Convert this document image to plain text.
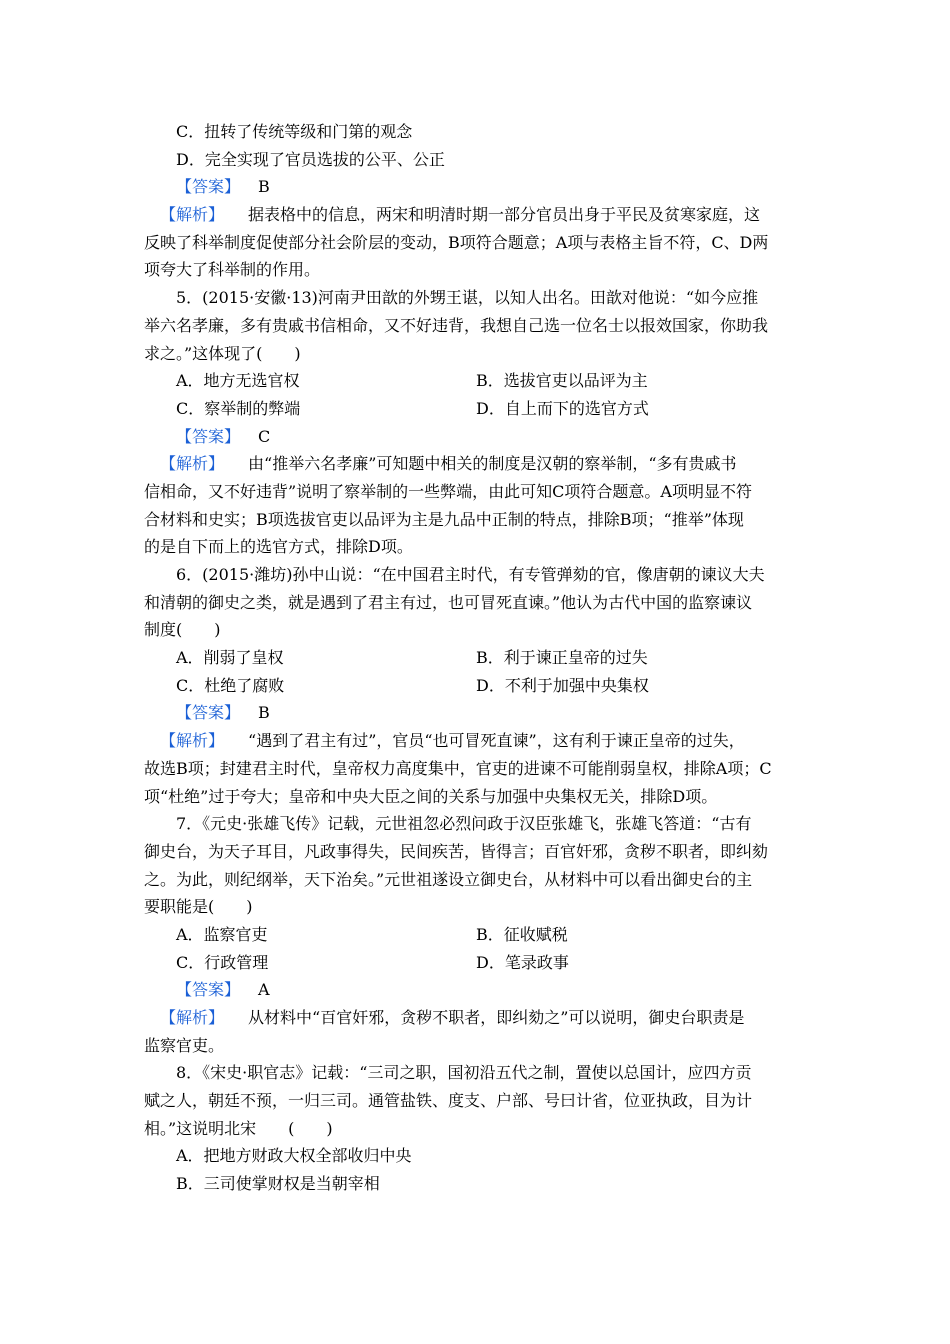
C．扭转了传统等级和门第的观念
D．完全实现了官员选拔的公平、公正
【答案】 B
【解析】 据表格中的信息，两宋和明清时期一部分官员出身于平民及贫寒家庭，这
反映了科举制度促使部分社会阶层的变动，B项符合题意；A项与表格主旨不符，C、D两
项夸大了科举制的作用。
5．(2015·安徽·13)河南尹田歆的外甥王谌，以知人出名。田歆对他说：“如今应推
举六名孝廉，多有贵戚书信相命，又不好违背，我想自己选一位名士以报效国家，你助我
求之。”这体现了(　　)
A．地方无选官权	B．选拔官吏以品评为主
C．察举制的弊端	D．自上而下的选官方式
【答案】 C
【解析】 由“推举六名孝廉”可知题中相关的制度是汉朝的察举制，“多有贵戚书
信相命，又不好违背”说明了察举制的一些弊端，由此可知C项符合题意。A项明显不符
合材料和史实；B项选拔官吏以品评为主是九品中正制的特点，排除B项；“推举”体现
的是自下而上的选官方式，排除D项。
6．(2015·潍坊)孙中山说：“在中国君主时代，有专管弹劾的官，像唐朝的谏议大夫
和清朝的御史之类，就是遇到了君主有过，也可冒死直谏。”他认为古代中国的监察谏议
制度(　　)
A．削弱了皇权	B．利于谏正皇帝的过失
C．杜绝了腐败	D．不利于加强中央集权
【答案】 B
【解析】 “遇到了君主有过”，官员“也可冒死直谏”，这有利于谏正皇帝的过失，
故选B项；封建君主时代，皇帝权力高度集中，官吏的进谏不可能削弱皇权，排除A项；C
项“杜绝”过于夸大；皇帝和中央大臣之间的关系与加强中央集权无关，排除D项。
7．《元史·张雄飞传》记载，元世祖忽必烈问政于汉臣张雄飞，张雄飞答道：“古有
御史台，为天子耳目，凡政事得失，民间疾苦，皆得言；百官奸邪，贪秽不职者，即纠劾
之。为此，则纪纲举，天下治矣。”元世祖遂设立御史台，从材料中可以看出御史台的主
要职能是(　　)
A．监察官吏	B．征收赋税
C．行政管理	D．笔录政事
【答案】 A
【解析】 从材料中“百官奸邪，贪秽不职者，即纠劾之”可以说明，御史台职责是
监察官吏。
8．《宋史·职官志》记载：“三司之职，国初沿五代之制，置使以总国计，应四方贡
赋之人，朝廷不预，一归三司。通管盐铁、度支、户部、号曰计省，位亚执政，目为计
相。”这说明北宋　　(　　)
A．把地方财政大权全部收归中央
B．三司使掌财权是当朝宰相
